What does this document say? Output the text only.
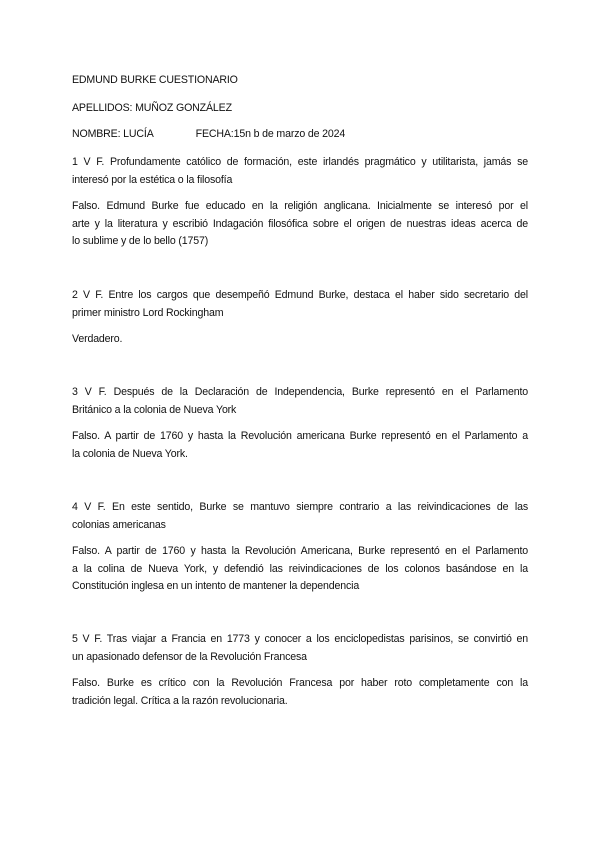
EDMUND BURKE CUESTIONARIO
APELLIDOS: MUÑOZ GONZÁLEZ
NOMBRE: LUCÍA	FECHA:15n b de marzo de 2024
1 V F. Profundamente católico de formación, este irlandés pragmático y utilitarista, jamás se
interesó por la estética o la filosofía
Falso. Edmund Burke fue educado en la religión anglicana. Inicialmente se interesó por el
arte y la literatura y escribió Indagación filosófica sobre el origen de nuestras ideas acerca de
lo sublime y de lo bello (1757)
2 V F. Entre los cargos que desempeñó Edmund Burke, destaca el haber sido secretario del
primer ministro Lord Rockingham
Verdadero.
3 V F. Después de la Declaración de Independencia, Burke representó en el Parlamento
Británico a la colonia de Nueva York
Falso. A partir de 1760 y hasta la Revolución americana Burke representó en el Parlamento a
la colonia de Nueva York.
4 V F. En este sentido, Burke se mantuvo siempre contrario a las reivindicaciones de las
colonias americanas
Falso. A partir de 1760 y hasta la Revolución Americana, Burke representó en el Parlamento
a la colina de Nueva York, y defendió las reivindicaciones de los colonos basándose en la
Constitución inglesa en un intento de mantener la dependencia
5 V F. Tras viajar a Francia en 1773 y conocer a los enciclopedistas parisinos, se convirtió en
un apasionado defensor de la Revolución Francesa
Falso. Burke es crítico con la Revolución Francesa por haber roto completamente con la
tradición legal. Crítica a la razón revolucionaria.
